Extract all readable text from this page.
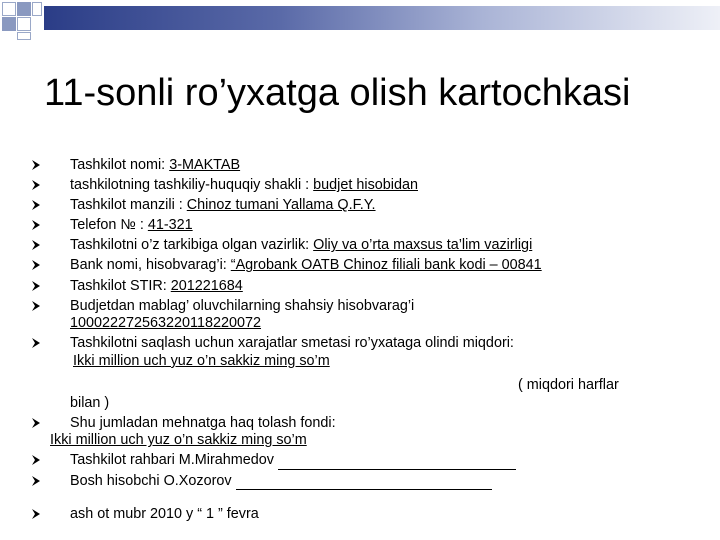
11-sonli ro’yxatga olish kartochkasi
Tashkilot nomi: 3-MAKTAB
tashkilotning tashkiliy-huquqiy shakli : budjet hisobidan
Tashkilot manzili : Chinoz tumani Yallama Q.F.Y.
Telefon № : 41-321
Tashkilotni o’z tarkibiga olgan vazirlik: Oliy va o’rta maxsus ta’lim vazirligi
Bank nomi, hisobvarag’i: “Agrobank OATB Chinoz filiali bank kodi – 00841
Tashkilot STIR: 201221684
Budjetdan mablag’ oluvchilarning shahsiy hisobvarag’i
100022272563220118220072
Tashkilotni saqlash uchun xarajatlar smetasi ro’yxataga olindi miqdori:
Ikki million uch yuz o’n sakkiz ming so’m
( miqdori harflar
bilan )
Shu jumladan mehnatga haq tolash fondi:
Ikki million uch yuz o’n sakkiz ming so’m
Tashkilot rahbari M.Mirahmedov
Bosh hisobchi O.Xozorov
ash ot mubr 2010 y “ 1 ” fevra
